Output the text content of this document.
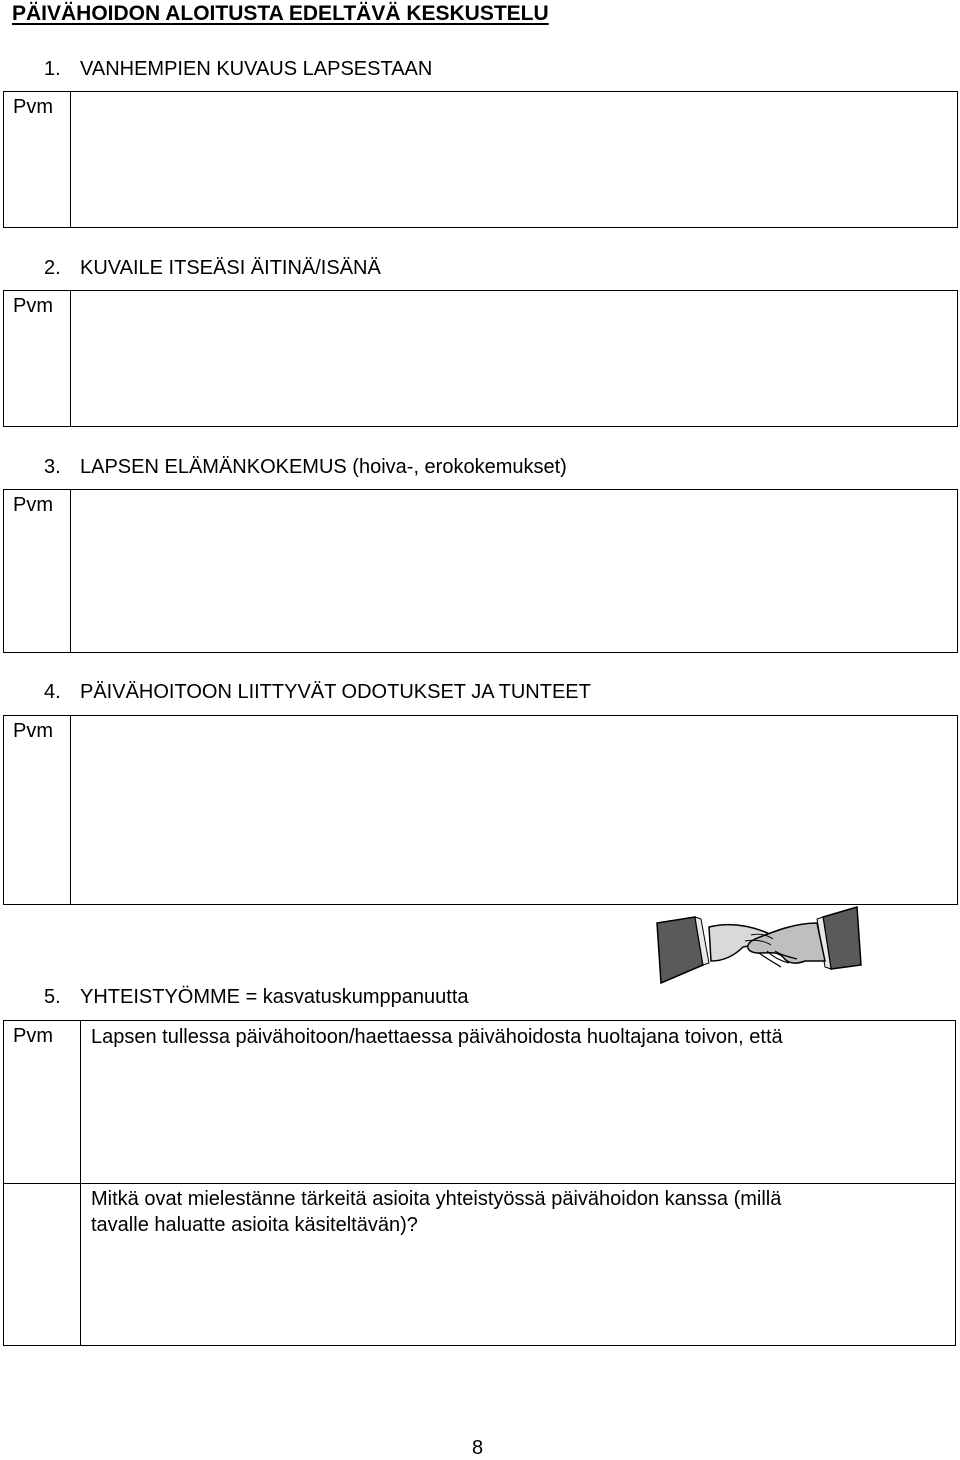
PÄIVÄHOIDON ALOITUSTA EDELTÄVÄ KESKUSTELU
1. VANHEMPIEN KUVAUS LAPSESTAAN
Pvm
2. KUVAILE ITSEÄSI ÄITINÄ/ISÄNÄ
Pvm
3. LAPSEN ELÄMÄNKOKEMUS (hoiva-, erokokemukset)
Pvm
4. PÄIVÄHOITOON LIITTYVÄT ODOTUKSET JA TUNTEET
Pvm
5. YHTEISTYÖMME = kasvatuskumppanuutta
Pvm Lapsen tullessa päivähoitoon/haettaessa päivähoidosta huoltajana toivon, että
Mitkä ovat mielestänne tärkeitä asioita yhteistyössä päivähoidon kanssa (millä
tavalle haluatte asioita käsiteltävän)?
8
